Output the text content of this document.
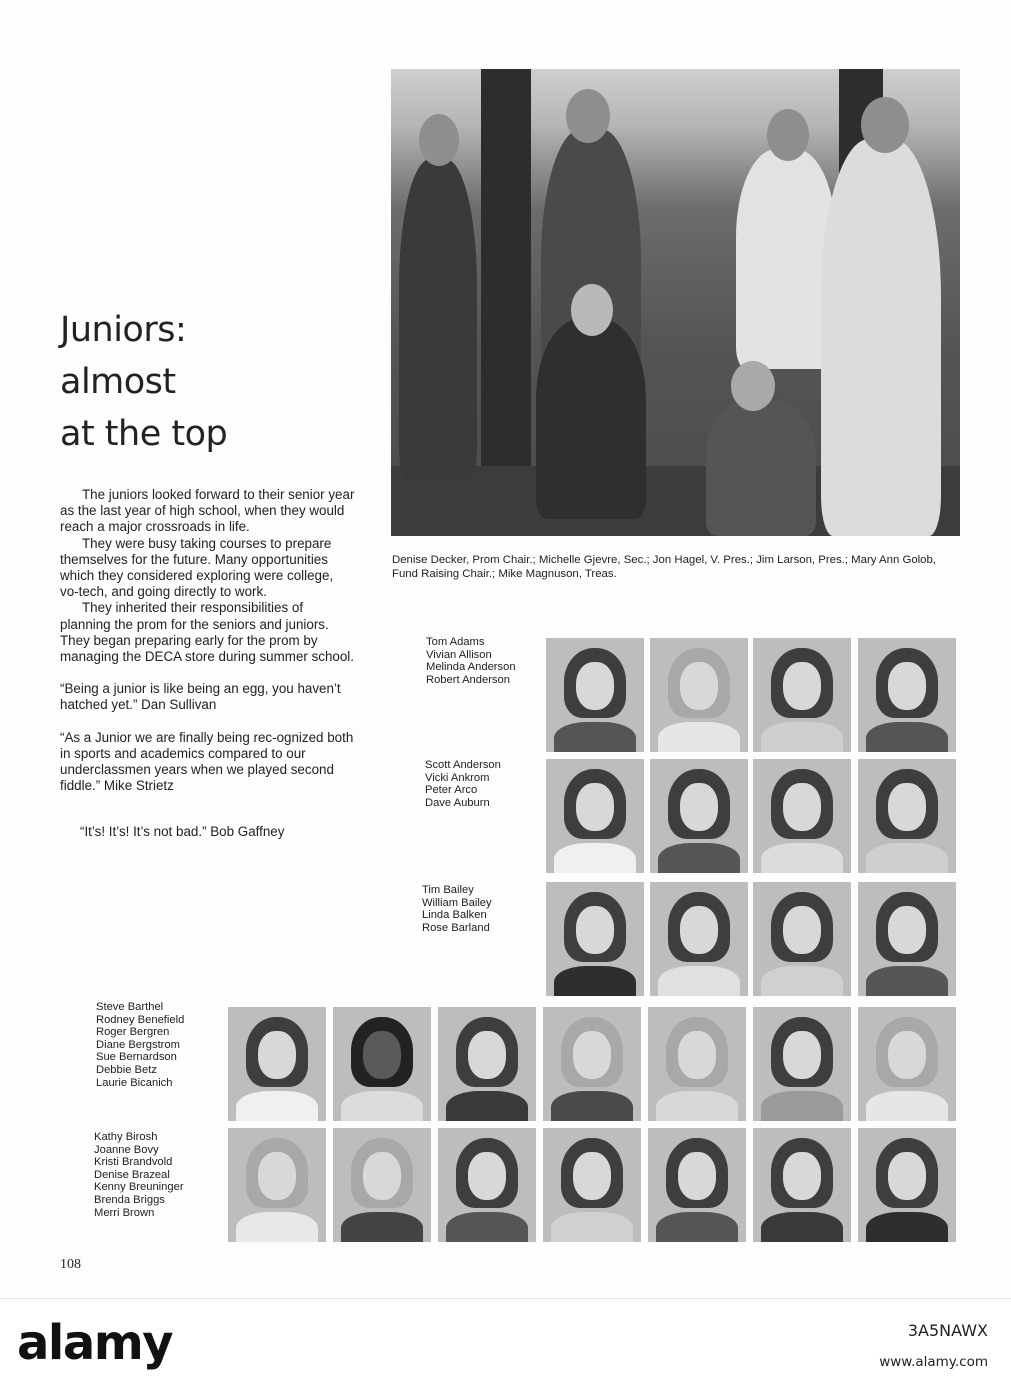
Juniors:
almost
at the top

The juniors looked forward to their senior year as the last year of high school, when they would reach a major crossroads in life.

They were busy taking courses to prepare themselves for the future. Many opportunities which they considered exploring were college, vo-tech, and going directly to work.

They inherited their responsibilities of planning the prom for the seniors and juniors. They began preparing early for the prom by managing the DECA store during summer school.

“Being a junior is like being an egg, you haven’t hatched yet.” Dan Sullivan

“As a Junior we are finally being rec-ognized both in sports and academics compared to our underclassmen years when we played second fiddle.” Mike Strietz

“It’s! It’s! It’s not bad.” Bob Gaffney

Denise Decker, Prom Chair.; Michelle Gjevre, Sec.; Jon Hagel, V. Pres.; Jim Larson, Pres.; Mary Ann Golob, Fund Raising Chair.; Mike Magnuson, Treas.
Tom Adams
Vivian Allison
Melinda Anderson
Robert Anderson
Scott Anderson
Vicki Ankrom
Peter Arco
Dave Auburn
Tim Bailey
William Bailey
Linda Balken
Rose Barland
Steve Barthel
Rodney Benefield
Roger Bergren
Diane Bergstrom
Sue Bernardson
Debbie Betz
Laurie Bicanich
Kathy Birosh
Joanne Bovy
Kristi Brandvold
Denise Brazeal
Kenny Breuninger
Brenda Briggs
Merri Brown
108
alamy	3A5NAWX
www.alamy.com
